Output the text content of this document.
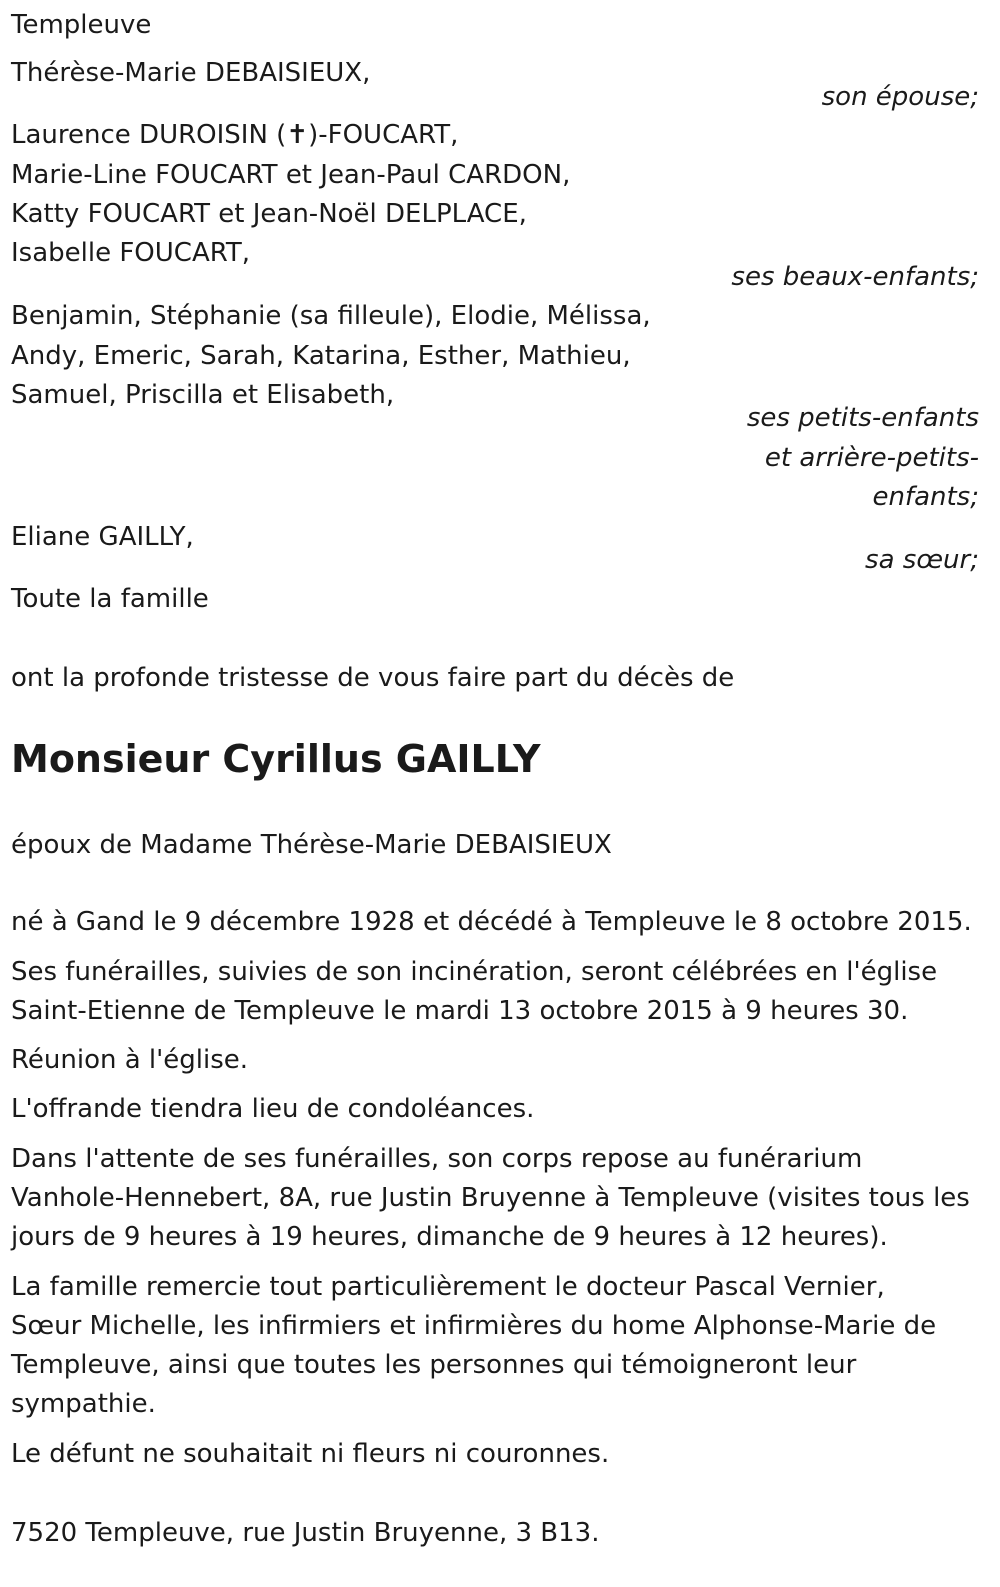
Templeuve
Thérèse-Marie DEBAISIEUX,
son épouse;
Laurence DUROISIN (✝)-FOUCART,
Marie-Line FOUCART et Jean-Paul CARDON,
Katty FOUCART et Jean-Noël DELPLACE,
Isabelle FOUCART,
ses beaux-enfants;
Benjamin, Stéphanie (sa filleule), Elodie, Mélissa,
Andy, Emeric, Sarah, Katarina, Esther, Mathieu,
Samuel, Priscilla et Elisabeth,
ses petits-enfants
et arrière-petits-
enfants;
Eliane GAILLY,
sa sœur;
Toute la famille
ont la profonde tristesse de vous faire part du décès de
Monsieur Cyrillus GAILLY
époux de Madame Thérèse-Marie DEBAISIEUX
né à Gand le 9 décembre 1928 et décédé à Templeuve le 8 octobre 2015.
Ses funérailles, suivies de son incinération, seront célébrées en l'église
Saint-Etienne de Templeuve le mardi 13 octobre 2015 à 9 heures 30.
Réunion à l'église.
L'offrande tiendra lieu de condoléances.
Dans l'attente de ses funérailles, son corps repose au funérarium
Vanhole-Hennebert, 8A, rue Justin Bruyenne à Templeuve (visites tous les
jours de 9 heures à 19 heures, dimanche de 9 heures à 12 heures).
La famille remercie tout particulièrement le docteur Pascal Vernier,
Sœur Michelle, les infirmiers et infirmières du home Alphonse-Marie de
Templeuve, ainsi que toutes les personnes qui témoigneront leur
sympathie.
Le défunt ne souhaitait ni fleurs ni couronnes.
7520 Templeuve, rue Justin Bruyenne, 3 B13.
